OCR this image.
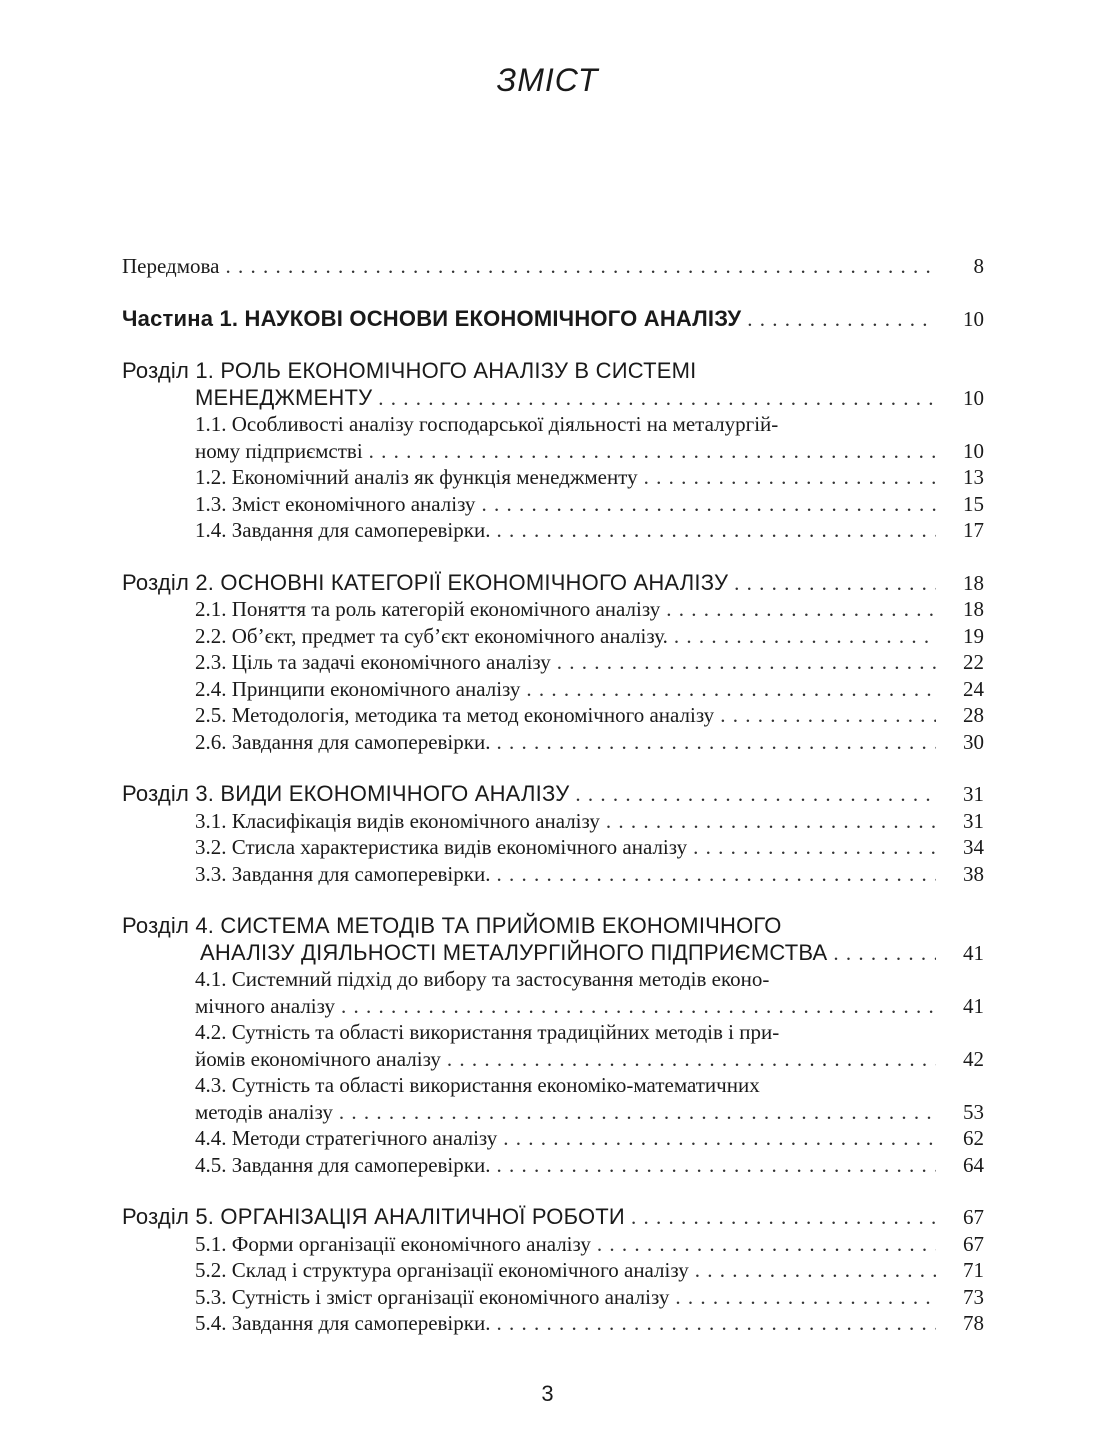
ЗМІСТ
Передмова . . .	8
Частина 1. НАУКОВІ ОСНОВИ ЕКОНОМІЧНОГО АНАЛІЗУ . . .	10
Розділ 1. РОЛЬ ЕКОНОМІЧНОГО АНАЛІЗУ В СИСТЕМІ
МЕНЕДЖМЕНТУ . . .	10
1.1. Особливості аналізу господарської діяльності на металургій-
ному підприємстві . . .	10
1.2. Економічний аналіз як функція менеджменту . . .	13
1.3. Зміст економічного аналізу . . .	15
1.4. Завдання для самоперевірки. . . .	17
Розділ 2. ОСНОВНІ КАТЕГОРІЇ ЕКОНОМІЧНОГО АНАЛІЗУ . . .	18
2.1. Поняття та роль категорій економічного аналізу . . .	18
2.2. Об’єкт, предмет та суб’єкт економічного аналізу. . . .	19
2.3. Ціль та задачі економічного аналізу . . .	22
2.4. Принципи економічного аналізу . . .	24
2.5. Методологія, методика та метод економічного аналізу . . .	28
2.6. Завдання для самоперевірки. . . .	30
Розділ 3. ВИДИ ЕКОНОМІЧНОГО АНАЛІЗУ . . .	31
3.1. Класифікація видів економічного аналізу . . .	31
3.2. Стисла характеристика видів економічного аналізу . . .	34
3.3. Завдання для самоперевірки. . . .	38
Розділ 4. СИСТЕМА МЕТОДІВ ТА ПРИЙОМІВ ЕКОНОМІЧНОГО
АНАЛІЗУ ДІЯЛЬНОСТІ МЕТАЛУРГІЙНОГО ПІДПРИЄМСТВА . . .	41
4.1. Системний підхід до вибору та застосування методів еконо-
мічного аналізу . . .	41
4.2. Сутність та області використання традиційних методів і при-
йомів економічного аналізу . . .	42
4.3. Сутність та області використання економіко-математичних
методів аналізу . . .	53
4.4. Методи стратегічного аналізу . . .	62
4.5. Завдання для самоперевірки. . . .	64
Розділ 5. ОРГАНІЗАЦІЯ АНАЛІТИЧНОЇ РОБОТИ . . .	67
5.1. Форми організації економічного аналізу . . .	67
5.2. Склад і структура організації економічного аналізу . . .	71
5.3. Сутність і зміст організації економічного аналізу . . .	73
5.4. Завдання для самоперевірки. . . .	78
3
